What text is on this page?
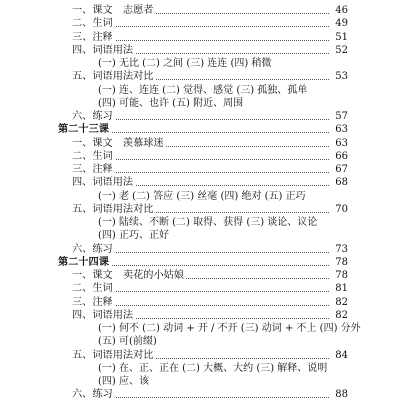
一、课文　志愿者	46
二、生词	49
三、注释	51
四、词语用法	52
(一) 无比 (二) 之间 (三) 连连 (四) 稍微
五、词语用法对比	53
(一) 连、连连 (二) 觉得、感觉 (三) 孤独、孤单
(四) 可能、也许 (五) 附近、周围
六、练习	57
第二十三课	63
一、课文　羡慕球迷	63
二、生词	66
三、注释	67
四、词语用法	68
(一) 老 (二) 答应 (三) 丝毫 (四) 绝对 (五) 正巧
五、词语用法对比	70
(一) 陆续、不断 (二) 取得、获得 (三) 谈论、议论
(四) 正巧、正好
六、练习	73
第二十四课	78
一、课文　卖花的小姑娘	78
二、生词	81
三、注释	82
四、词语用法	82
(一) 何不 (二) 动词 + 开 / 不开 (三) 动词 + 不上 (四) 分外
(五) 可(前缀)
五、词语用法对比	84
(一) 在、正、正在 (二) 大概、大约 (三) 解释、说明
(四) 应、该
六、练习	88
